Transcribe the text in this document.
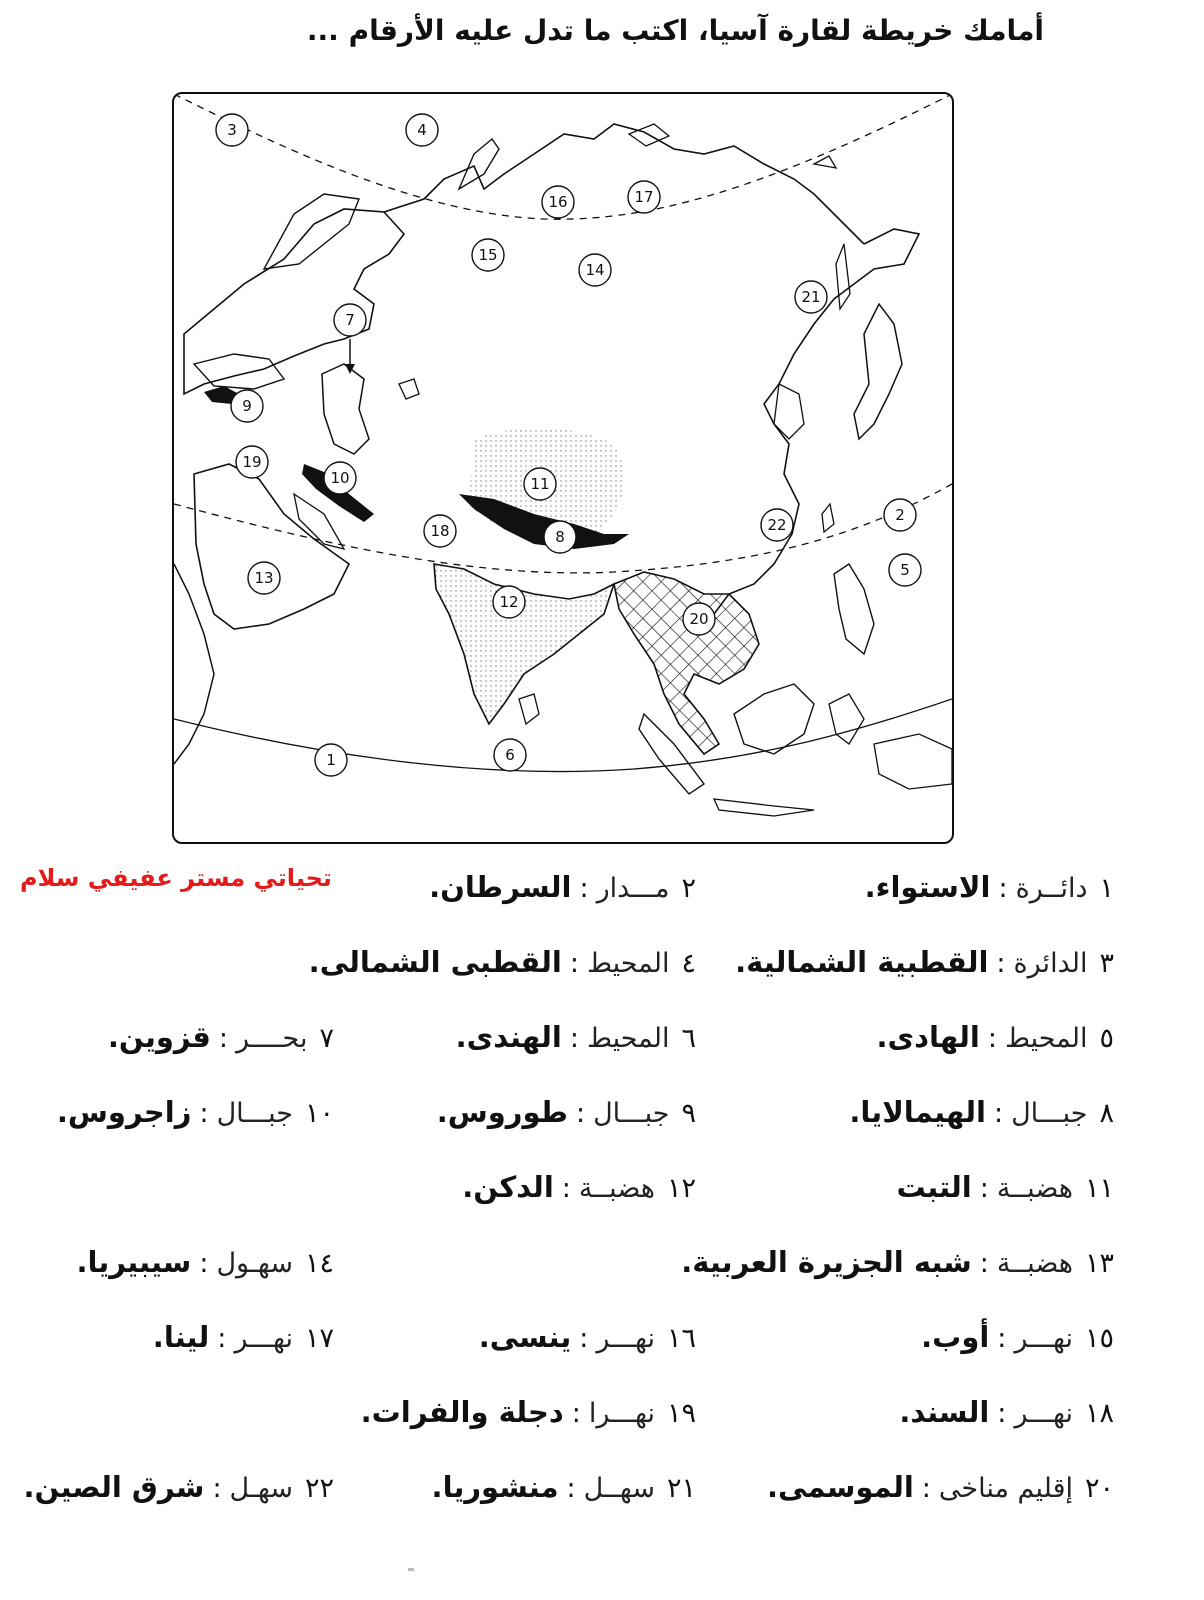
أمامك خريطة لقارة آسيا، اكتب ما تدل عليه الأرقام ...
1
2
3	4
5
6
7
8
9
10	11
12
13
14
15
16	17
18
19
20
21
22
تحياتي مستر عفيفي سلام	١دائــرة:الاستواء.
٢مـــدار:السرطان.
٣الدائرة:القطبية الشمالية.
٤المحيط:القطبى الشمالى.
٥المحيط:الهادى.
٦المحيط:الهندى.
٧بحــــر:قزوين.
٨جبـــال:الهيمالايا.
٩جبـــال:طوروس.
١٠جبـــال:زاجروس.
١١هضبــة:التبت
١٢هضبــة:الدكن.
١٣هضبــة:شبه الجزيرة العربية.
١٤سهـول:سيبيريا.
١٥نهـــر:أوب.
١٦نهـــر:ينسى.
١٧نهـــر:لينا.
١٨نهـــر:السند.
١٩نهـــرا:دجلة والفرات.
٢٠إقليم مناخى:الموسمى.
٢١سهــل:منشوريا.
٢٢سهـل:شرق الصين.
